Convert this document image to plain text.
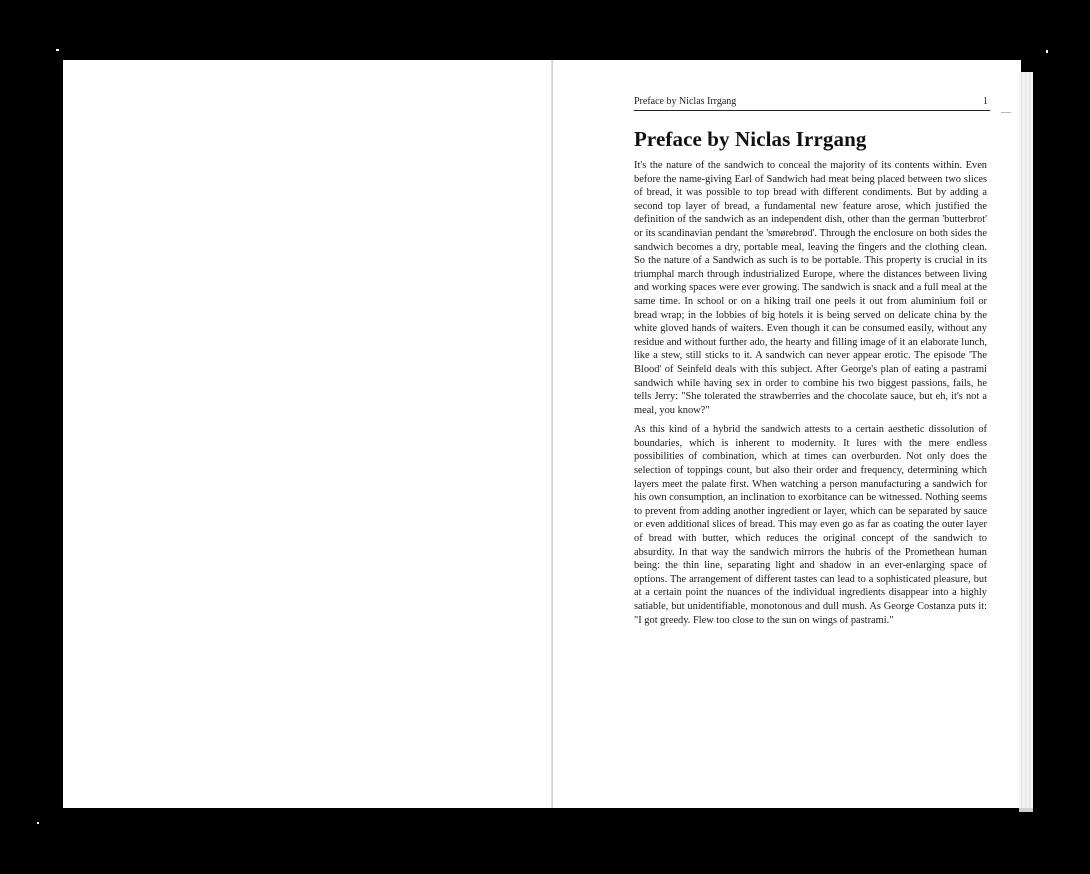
Preface by Niclas Irrgang	1
Preface by Niclas Irrgang

It's the nature of the sandwich to conceal the majority of its contents within. Even before the name-giving Earl of Sandwich had meat being placed between two slices of bread, it was possible to top bread with different condiments. But by adding a second top layer of bread, a fundamental new feature arose, which justified the definition of the sandwich as an independent dish, other than the german 'butterbrot' or its scandinavian pendant the 'smørebrød'. Through the enclosure on both sides the sandwich becomes a dry, portable meal, leaving the fingers and the clothing clean. So the nature of a Sandwich as such is to be portable. This property is crucial in its triumphal march through industrialized Europe, where the distances between living and working spaces were ever growing. The sandwich is snack and a full meal at the same time. In school or on a hiking trail one peels it out from aluminium foil or bread wrap; in the lobbies of big hotels it is being served on delicate china by the white gloved hands of waiters. Even though it can be consumed easily, without any residue and without further ado, the hearty and filling image of it an elaborate lunch, like a stew, still sticks to it. A sandwich can never appear erotic. The episode 'The Blood' of Seinfeld deals with this subject. After George's plan of eating a pastrami sandwich while having sex in order to combine his two biggest passions, fails, he tells Jerry: "She tolerated the strawberries and the chocolate sauce, but eh, it's not a meal, you know?"

As this kind of a hybrid the sandwich attests to a certain aesthetic dissolution of boundaries, which is inherent to modernity. It lures with the mere endless possibilities of combination, which at times can overburden. Not only does the selection of toppings count, but also their order and frequency, determining which layers meet the palate first. When watching a person manufacturing a sandwich for his own consumption, an inclination to exorbitance can be witnessed. Nothing seems to prevent from adding another ingredient or layer, which can be separated by sauce or even additional slices of bread. This may even go as far as coating the outer layer of bread with butter, which reduces the original concept of the sandwich to absurdity. In that way the sandwich mirrors the hubris of the Promethean human being: the thin line, separating light and shadow in an ever-enlarging space of options. The arrangement of different tastes can lead to a sophisticated pleasure, but at a certain point the nuances of the individual ingredients disappear into a highly satiable, but unidentifiable, monotonous and dull mush. As George Costanza puts it: "I got greedy. Flew too close to the sun on wings of pastrami."
